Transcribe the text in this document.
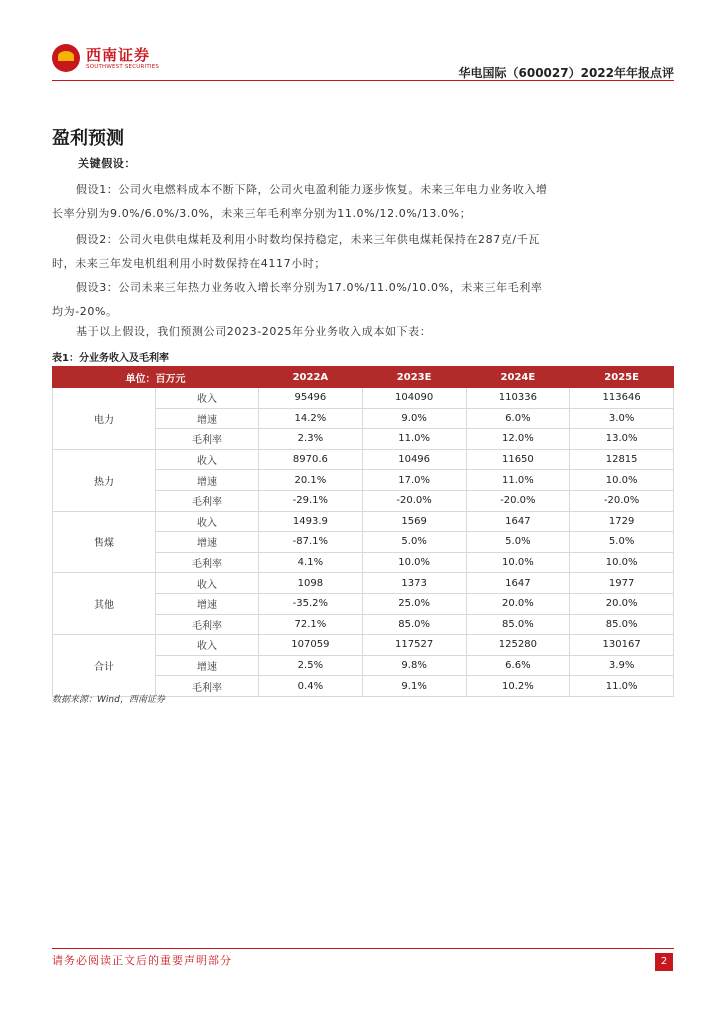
西南证券
SOUTHWEST SECURITIES	华电国际（600027）2022年年报点评
盈利预测
关键假设：
假设1：公司火电燃料成本不断下降，公司火电盈利能力逐步恢复。未来三年电力业务收入增长率分别为9.0%/6.0%/3.0%，未来三年毛利率分别为11.0%/12.0%/13.0%；
假设2：公司火电供电煤耗及利用小时数均保持稳定，未来三年供电煤耗保持在287克/千瓦时，未来三年发电机组利用小时数保持在4117小时；
假设3：公司未来三年热力业务收入增长率分别为17.0%/11.0%/10.0%，未来三年毛利率均为-20%。
基于以上假设，我们预测公司2023-2025年分业务收入成本如下表：
表1：分业务收入及毛利率
单位：百万元		2022A	2023E	2024E	2025E
电力	收入	95496	104090	110336	113646
	增速	14.2%	9.0%	6.0%	3.0%
	毛利率	2.3%	11.0%	12.0%	13.0%
热力	收入	8970.6	10496	11650	12815
	增速	20.1%	17.0%	11.0%	10.0%
	毛利率	-29.1%	-20.0%	-20.0%	-20.0%
售煤	收入	1493.9	1569	1647	1729
	增速	-87.1%	5.0%	5.0%	5.0%
	毛利率	4.1%	10.0%	10.0%	10.0%
其他	收入	1098	1373	1647	1977
	增速	-35.2%	25.0%	20.0%	20.0%
	毛利率	72.1%	85.0%	85.0%	85.0%
合计	收入	107059	117527	125280	130167
	增速	2.5%	9.8%	6.6%	3.9%
	毛利率	0.4%	9.1%	10.2%	11.0%
数据来源：Wind，西南证券
请务必阅读正文后的重要声明部分	2
